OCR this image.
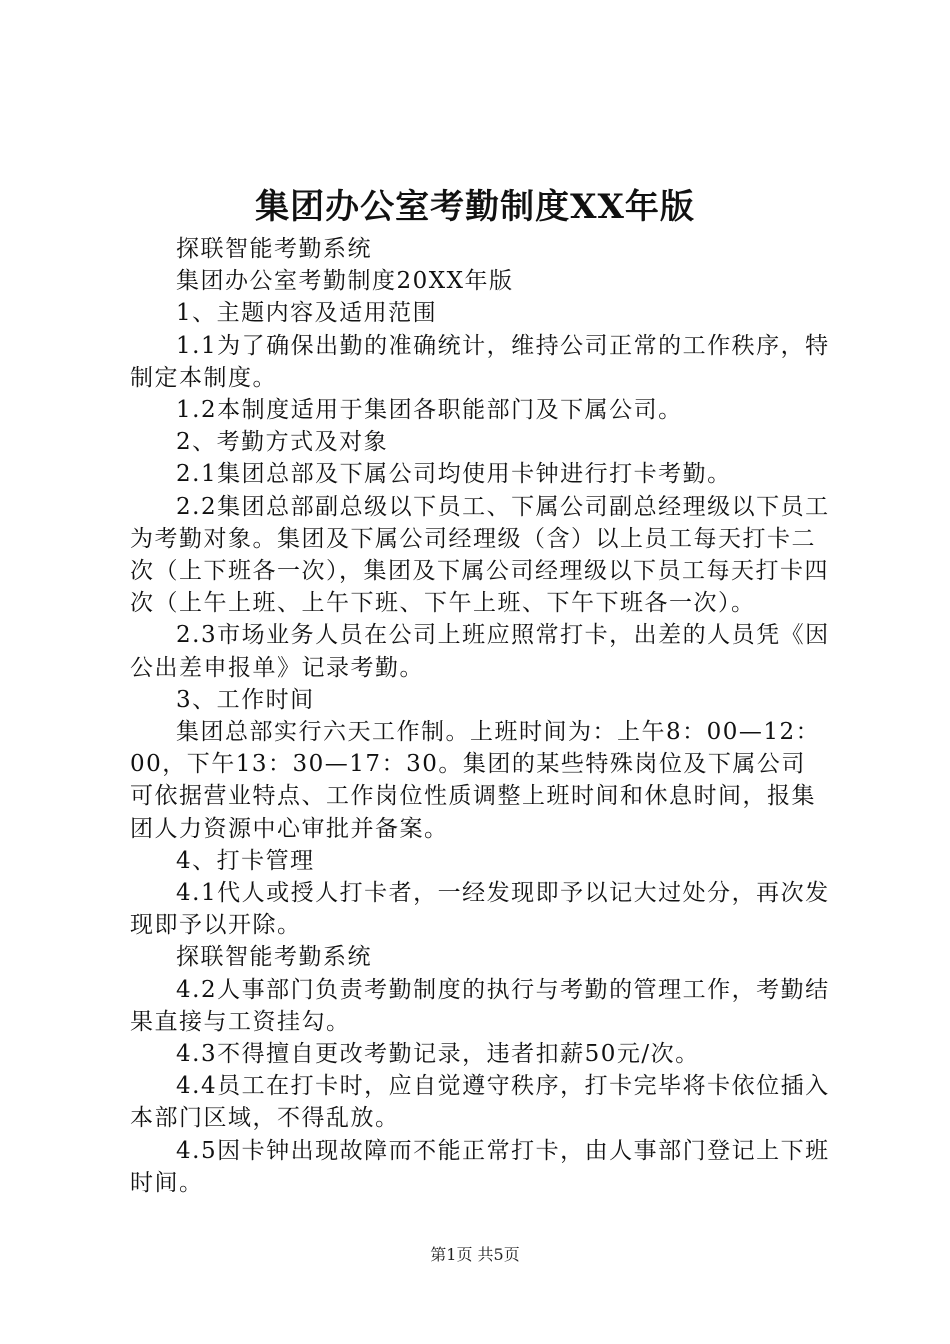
集团办公室考勤制度XX年版

探联智能考勤系统

集团办公室考勤制度20XX年版

1、主题内容及适用范围

1.1为了确保出勤的准确统计，维持公司正常的工作秩序，特制定本制度。

1.2本制度适用于集团各职能部门及下属公司。

2、考勤方式及对象

2.1集团总部及下属公司均使用卡钟进行打卡考勤。

2.2集团总部副总级以下员工、下属公司副总经理级以下员工为考勤对象。集团及下属公司经理级（含）以上员工每天打卡二次（上下班各一次），集团及下属公司经理级以下员工每天打卡四次（上午上班、上午下班、下午上班、下午下班各一次）。

2.3市场业务人员在公司上班应照常打卡，出差的人员凭《因公出差申报单》记录考勤。

3、工作时间

集团总部实行六天工作制。上班时间为：上午8：00—12：00，下午13：30—17：30。集团的某些特殊岗位及下属公司可依据营业特点、工作岗位性质调整上班时间和休息时间，报集团人力资源中心审批并备案。

4、打卡管理

4.1代人或授人打卡者，一经发现即予以记大过处分，再次发现即予以开除。

探联智能考勤系统

4.2人事部门负责考勤制度的执行与考勤的管理工作，考勤结果直接与工资挂勾。

4.3不得擅自更改考勤记录，违者扣薪50元/次。

4.4员工在打卡时，应自觉遵守秩序，打卡完毕将卡依位插入本部门区域，不得乱放。

4.5因卡钟出现故障而不能正常打卡，由人事部门登记上下班时间。

第1页 共5页
